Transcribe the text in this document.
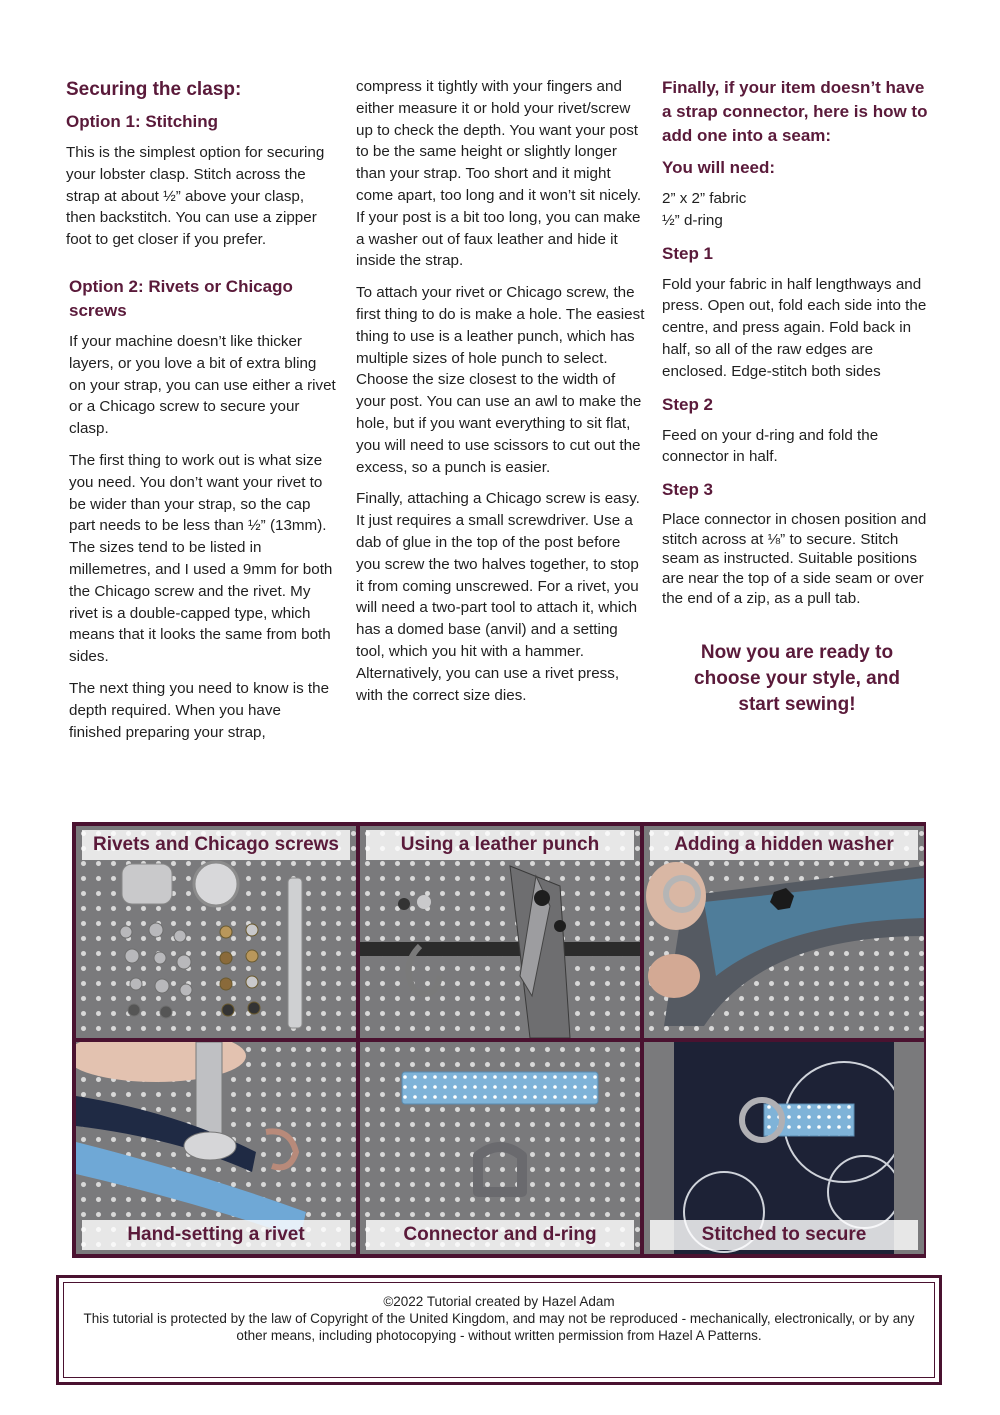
Securing the clasp:
Option 1: Stitching

This is the simplest option for securing your lobster clasp. Stitch across the strap at about ½” above your clasp, then backstitch. You can use a zipper foot to get closer if you prefer.

Option 2: Rivets or Chicago screws

If your machine doesn’t like thicker layers, or you love a bit of extra bling on your strap, you can use either a rivet or a Chicago screw to secure your clasp.

The first thing to work out is what size you need. You don’t want your rivet to be wider than your strap, so the cap part needs to be less than ½” (13mm). The sizes tend to be listed in millemetres, and I used a 9mm for both the Chicago screw and the rivet. My rivet is a double-capped type, which means that it looks the same from both sides.

The next thing you need to know is the depth required. When you have finished preparing your strap,

compress it tightly with your fingers and either measure it or hold your rivet/screw up to check the depth. You want your post to be the same height or slightly longer than your strap. Too short and it might come apart, too long and it won’t sit nicely. If your post is a bit too long, you can make a washer out of faux leather and hide it inside the strap.

To attach your rivet or Chicago screw, the first thing to do is make a hole. The easiest thing to use is a leather punch, which has multiple sizes of hole punch to select. Choose the size closest to the width of your post. You can use an awl to make the hole, but if you want everything to sit flat, you will need to use scissors to cut out the excess, so a punch is easier.

Finally, attaching a Chicago screw is easy. It just requires a small screwdriver. Use a dab of glue in the top of the post before you screw the two halves together, to stop it from coming unscrewed. For a rivet, you will need a two-part tool to attach it, which has a domed base (anvil) and a setting tool, which you hit with a hammer. Alternatively, you can use a rivet press, with the correct size dies.

Finally, if your item doesn’t have a strap connector, here is how to add one into a seam:
You will need:

2” x 2” fabric

½” d-ring

Step 1

Fold your fabric in half lengthways and press. Open out, fold each side into the centre, and press again. Fold back in half, so all of the raw edges are enclosed. Edge-stitch both sides

Step 2

Feed on your d-ring and fold the connector in half.

Step 3

Place connector in chosen position and stitch across at ⅛” to secure. Stitch seam as instructed. Suitable positions are near the top of a side seam or over the end of a zip, as a pull tab.

Now you are ready to
choose your style, and
start sewing!
Rivets and Chicago screws	Using a leather punch	Adding a hidden washer
Hand-setting a rivet	Connector and d-ring	Stitched to secure
©2022 Tutorial created by Hazel Adam
This tutorial is protected by the law of Copyright of the United Kingdom, and may not be reproduced - mechanically, electronically, or by any other means, including photocopying - without written permission from Hazel A Patterns.
